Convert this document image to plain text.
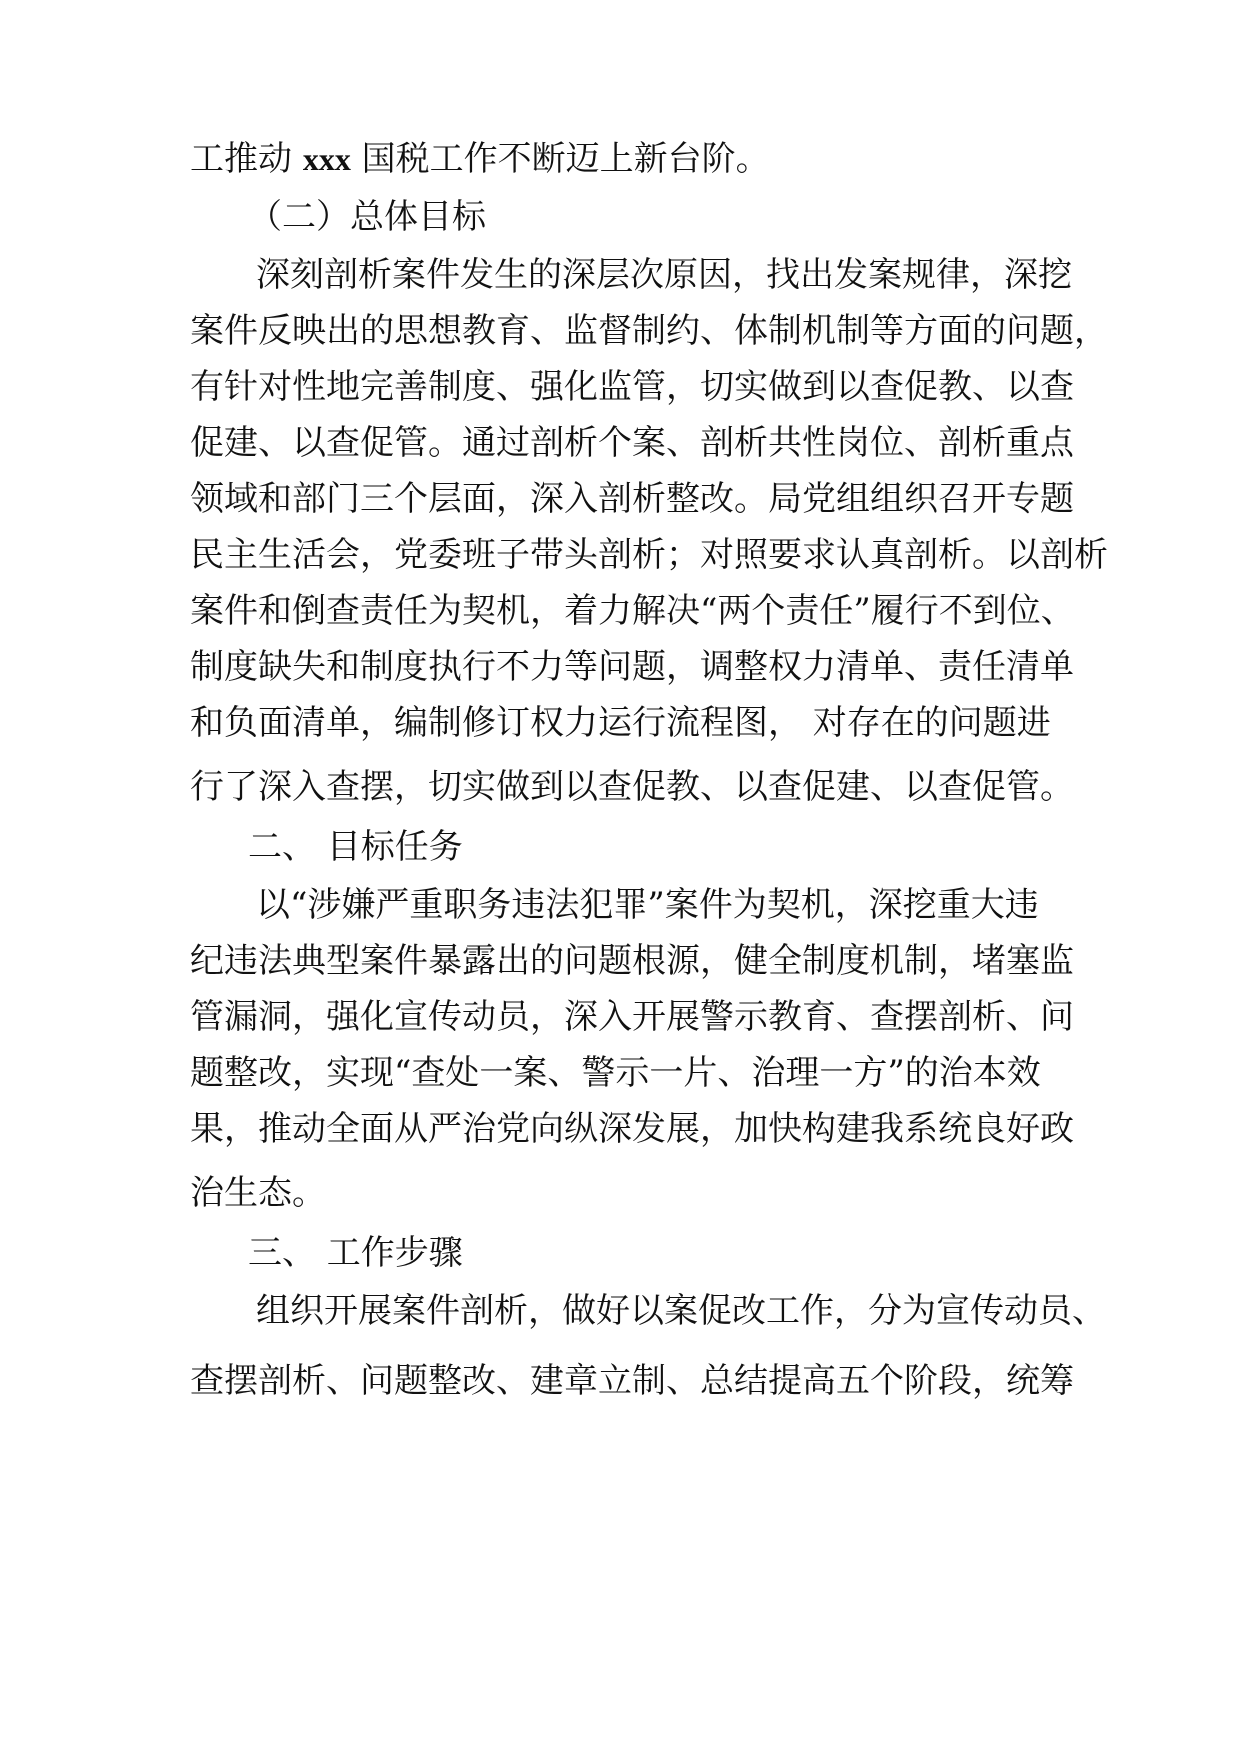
工推动 xxx 国税工作不断迈上新台阶。
（二）总体目标
深刻剖析案件发生的深层次原因，找出发案规律，深挖
案件反映出的思想教育、监督制约、体制机制等方面的问题，
有针对性地完善制度、强化监管，切实做到以查促教、以查
促建、以查促管。通过剖析个案、剖析共性岗位、剖析重点
领域和部门三个层面，深入剖析整改。局党组组织召开专题
民主生活会，党委班子带头剖析；对照要求认真剖析。以剖析
案件和倒查责任为契机，着力解决“两个责任”履行不到位、
制度缺失和制度执行不力等问题，调整权力清单、责任清单
和负面清单，编制修订权力运行流程图， 对存在的问题进
行了深入查摆，切实做到以查促教、以查促建、以查促管。
二、 目标任务
以“涉嫌严重职务违法犯罪”案件为契机，深挖重大违
纪违法典型案件暴露出的问题根源，健全制度机制，堵塞监
管漏洞，强化宣传动员，深入开展警示教育、查摆剖析、问
题整改，实现“查处一案、警示一片、治理一方”的治本效
果，推动全面从严治党向纵深发展，加快构建我系统良好政
治生态。
三、 工作步骤
组织开展案件剖析，做好以案促改工作，分为宣传动员、
查摆剖析、问题整改、建章立制、总结提高五个阶段，统筹
